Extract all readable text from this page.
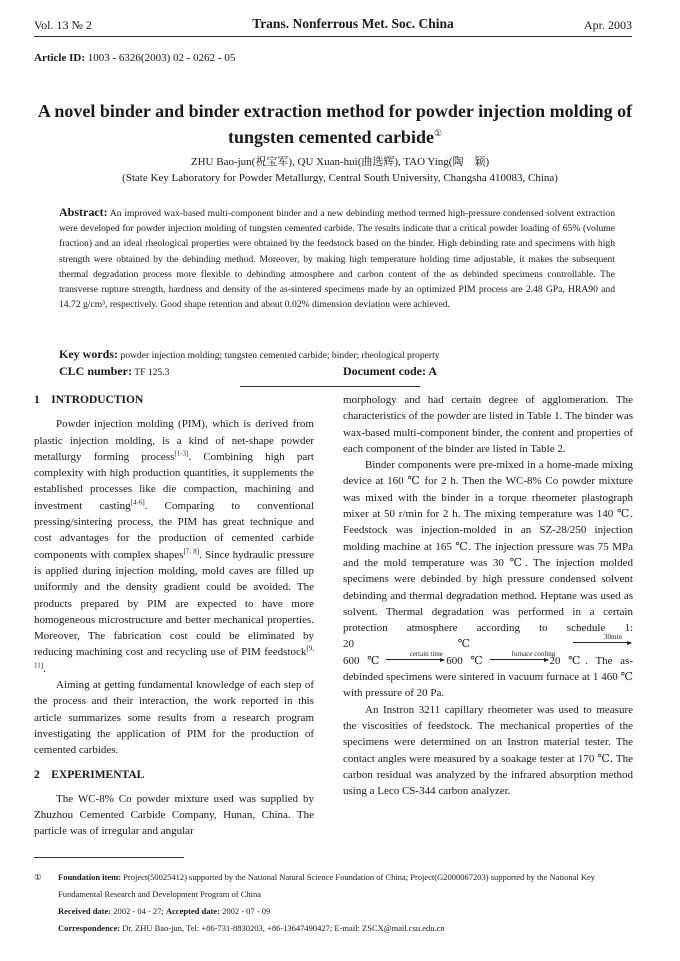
Vol. 13 № 2	Trans. Nonferrous Met. Soc. China	Apr. 2003
Article ID: 1003 - 6326(2003) 02 - 0262 - 05
A novel binder and binder extraction method for powder injection molding of tungsten cemented carbide①
ZHU Bao-jun(祝宝军), QU Xuan-hui(曲选辉), TAO Ying(陶　颖)
(State Key Laboratory for Powder Metallurgy, Central South University, Changsha 410083, China)
Abstract: An improved wax-based multi-component binder and a new debinding method termed high-pressure condensed solvent extraction were developed for powder injection molding of tungsten cemented carbide. The results indicate that a critical powder loading of 65% (volume fraction) and an ideal rheological properties were obtained by the feedstock based on the binder. High debinding rate and specimens with high strength were obtained by the debinding method. Moreover, by making high temperature holding time adjustable, it makes the subsequent thermal degradation process more flexible to debinding atmosphere and carbon content of the as debinded specimens controllable. The transverse rupture strength, hardness and density of the as-sintered specimens made by an optimized PIM process are 2.48 GPa, HRA90 and 14.72 g/cm³, respectively. Good shape retention and about 0.02% dimension deviation were achieved.
Key words: powder injection molding; tungsten cemented carbide; binder; rheological property
CLC number: TF 125.3	Document code: A
1　INTRODUCTION

Powder injection molding (PIM), which is derived from plastic injection molding, is a kind of net-shape powder metallurgy forming process[1-3]. Combining high part complexity with high production quantities, it supplements the established processes like die compaction, machining and investment casting[4-6]. Comparing to conventional pressing/sintering process, the PIM has great technique and cost advantages for the production of cemented carbide components with complex shapes[7, 8]. Since hydraulic pressure is applied during injection molding, mold caves are filled up uniformly and the density gradient could be avoided. The products prepared by PIM are expected to have more homogeneous microstructure and better mechanical properties. Moreover, The fabrication cost could be eliminated by reducing machining cost and recycling use of PIM feedstock[9, 11].

Aiming at getting fundamental knowledge of each step of the process and their interaction, the work reported in this article summarizes some results from a research program investigating the application of PIM for the production of cemented carbides.

2　EXPERIMENTAL

The WC-8% Co powder mixture used was supplied by Zhuzhou Cemented Carbide Company, Hunan, China. The particle was of irregular and angular

morphology and had certain degree of agglomeration. The characteristics of the powder are listed in Table 1. The binder was wax-based multi-component binder, the content and properties of each component of the binder are listed in Table 2.

Binder components were pre-mixed in a home-made mixing device at 160 ℃ for 2 h. Then the WC-8% Co powder mixture was mixed with the binder in a torque rheometer plastograph mixer at 50 r/min for 2 h. The mixing temperature was 140 ℃. Feedstock was injection-molded in an SZ-28/250 injection molding machine at 165 ℃. The injection pressure was 75 MPa and the mold temperature was 30 ℃. The injection molded specimens were debinded by high pressure condensed solvent debinding and thermal degradation method. Heptane was used as solvent. Thermal degradation was performed in a certain protection atmosphere according to schedule 1: 20 ℃
30min
600 ℃
certain time
600 ℃
furnace cooling
20 ℃. The as-debinded specimens were sintered in vacuum furnace at 1 460 ℃ with pressure of 20 Pa.

An Instron 3211 capillary rheometer was used to measure the viscosities of feedstock. The mechanical properties of the specimens were determined on an Instron material tester. The contact angles were measured by a soakage tester at 170 ℃. The carbon residual was analyzed by the infrared absorption method using a Leco CS-344 carbon analyzer.

① Foundation item: Project(50025412) supported by the National Natural Science Foundation of China; Project(G2000067203) supported by the National Key Fundamental Research and Development Program of China
Received date: 2002 - 04 - 27; Accepted date: 2002 - 07 - 09
Correspondence: Dr. ZHU Bao-jun, Tel: +86-731-8830203, +86-13647490427; E-mail: ZSCX@mail.csu.edu.cn
